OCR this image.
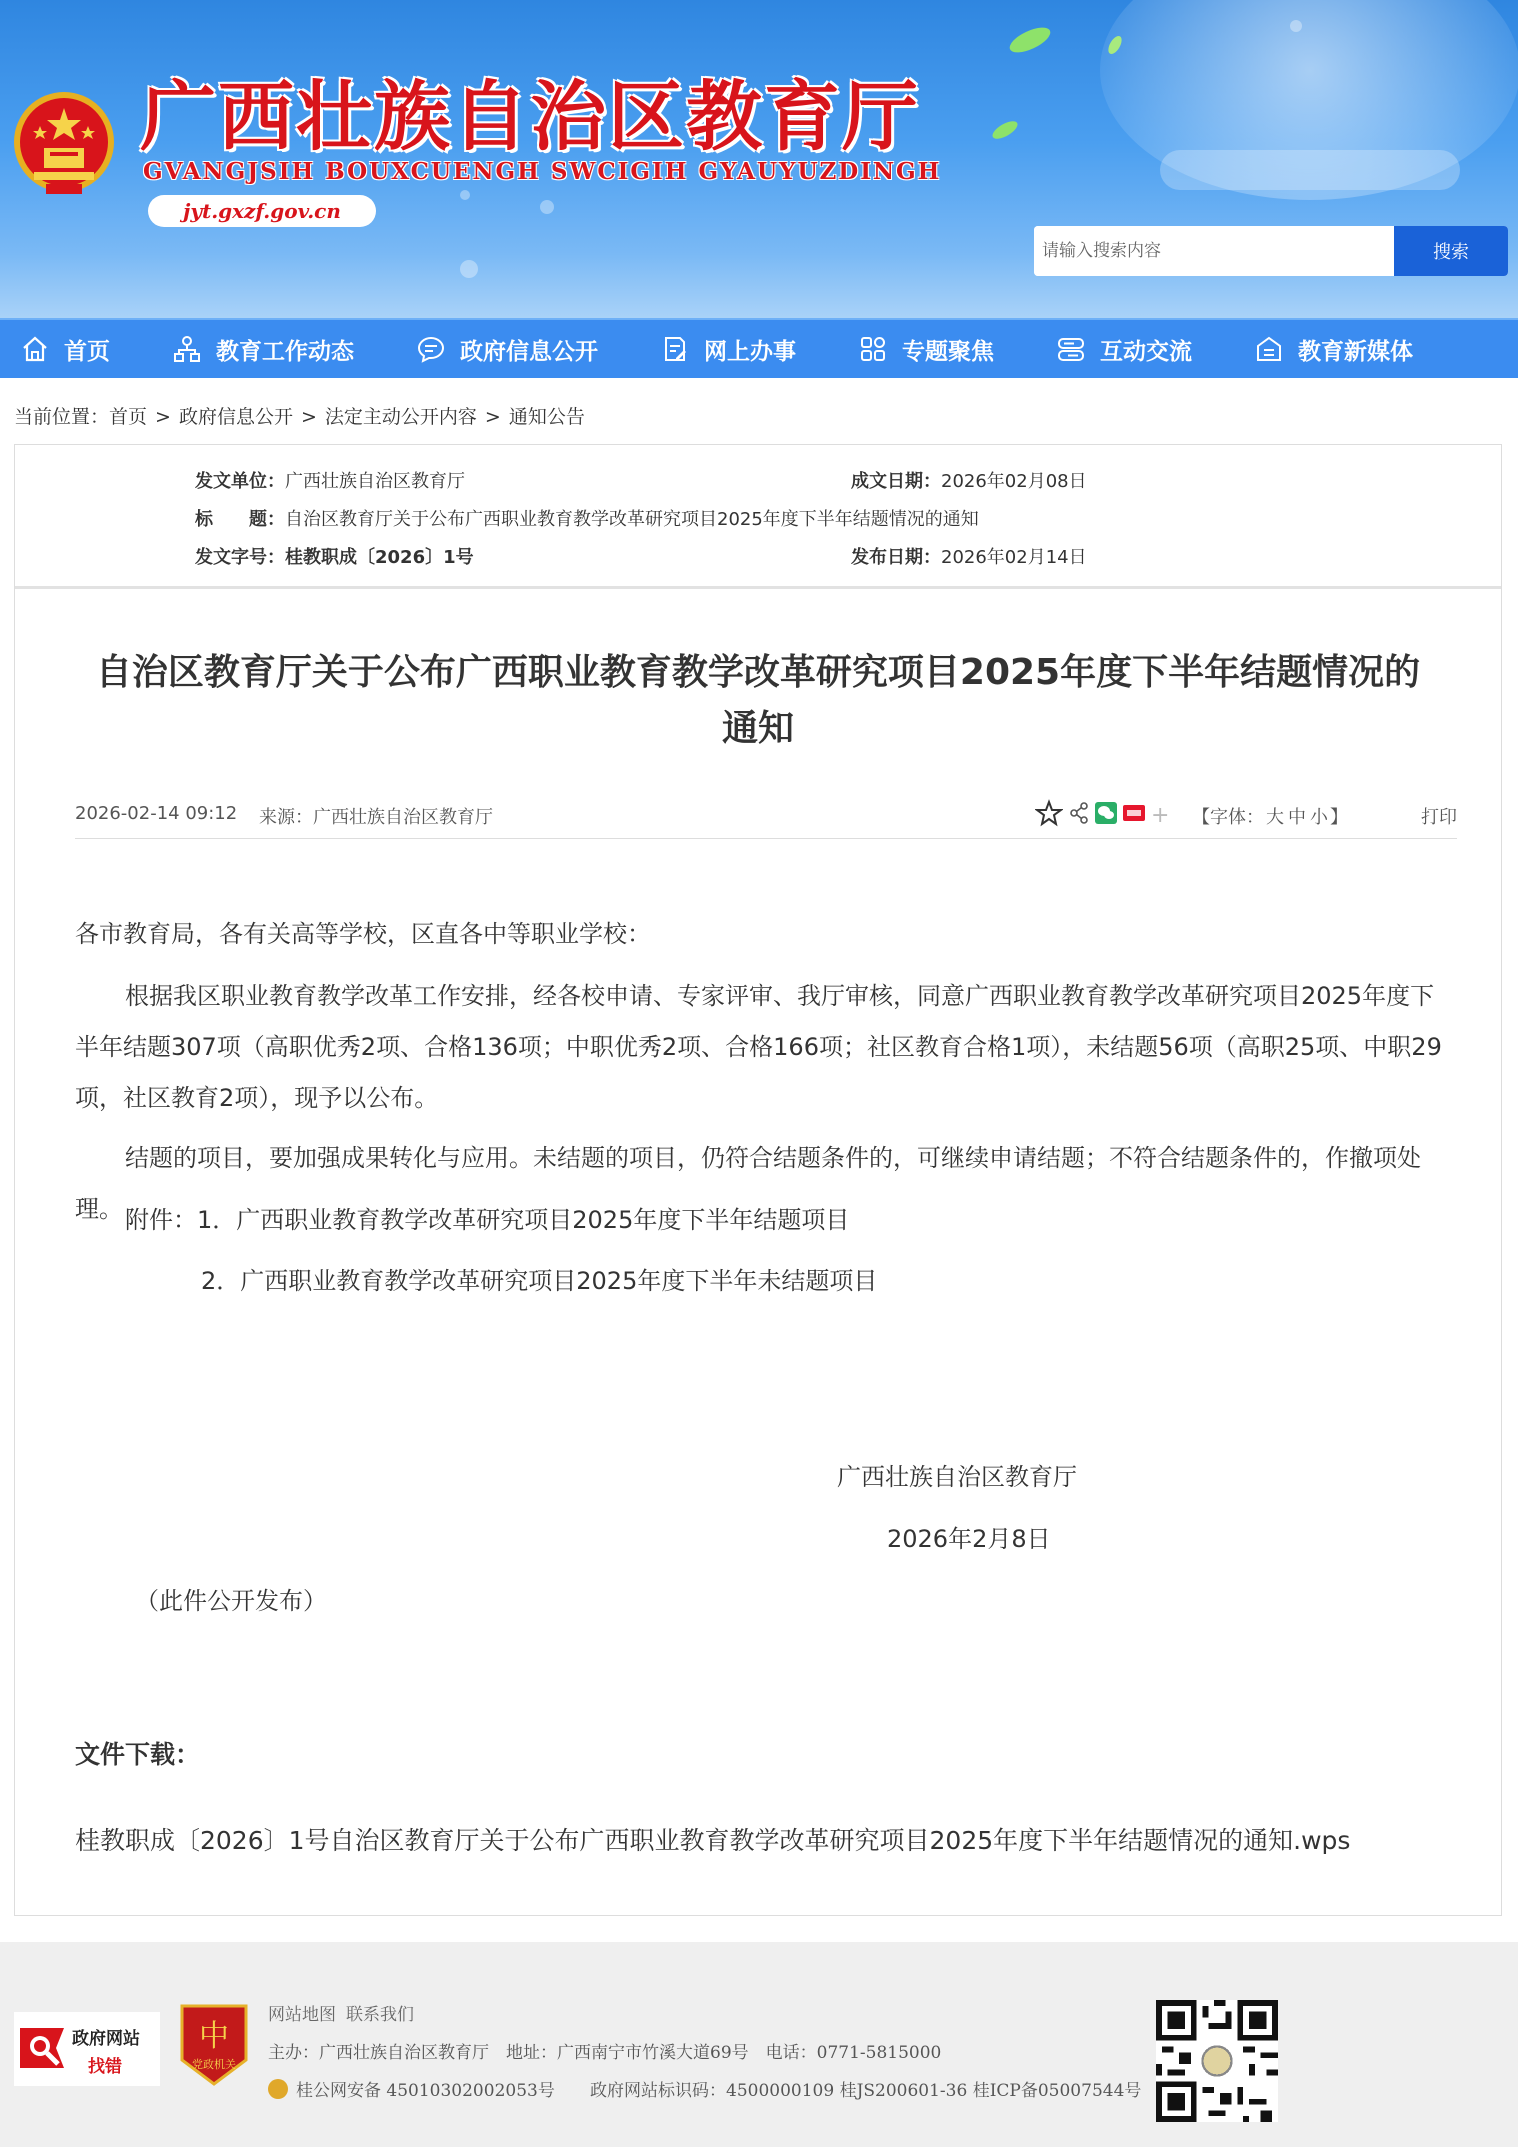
广西壮族自治区教育厅
GVANGJSIH BOUXCUENGH SWCIGIH GYAUYUZDINGH
jyt.gxzf.gov.cn
请输入搜索内容
搜索
首页	教育工作动态	政府信息公开	网上办事	专题聚焦	互动交流	教育新媒体
当前位置：首页 > 政府信息公开 > 法定主动公开内容 > 通知公告
发文单位：广西壮族自治区教育厅	成文日期：2026年02月08日
标　　题：自治区教育厅关于公布广西职业教育教学改革研究项目2025年度下半年结题情况的通知
发文字号：桂教职成〔2026〕1号	发布日期：2026年02月14日
自治区教育厅关于公布广西职业教育教学改革研究项目2025年度下半年结题情况的
通知
2026-02-14 09:12 来源：广西壮族自治区教育厅	+ 【字体： 大 中 小 】	打印
各市教育局，各有关高等学校，区直各中等职业学校：
根据我区职业教育教学改革工作安排，经各校申请、专家评审、我厅审核，同意广西职业教育教学改革研究项目2025年度下半年结题307项（高职优秀2项、合格136项；中职优秀2项、合格166项；社区教育合格1项），未结题56项（高职25项、中职29项，社区教育2项），现予以公布。
结题的项目，要加强成果转化与应用。未结题的项目，仍符合结题条件的，可继续申请结题；不符合结题条件的，作撤项处理。 附件：1．广西职业教育教学改革研究项目2025年度下半年结题项目
2．广西职业教育教学改革研究项目2025年度下半年未结题项目
广西壮族自治区教育厅
2026年2月8日
（此件公开发布）
文件下载：
桂教职成〔2026〕1号自治区教育厅关于公布广西职业教育教学改革研究项目2025年度下半年结题情况的通知.wps
政府网站
找错
中
党政机关
网站地图 联系我们
主办：广西壮族自治区教育厅　地址：广西南宁市竹溪大道69号　电话：0771-5815000
桂公网安备 45010302002053号 政府网站标识码：4500000109 桂JS200601-36 桂ICP备05007544号
